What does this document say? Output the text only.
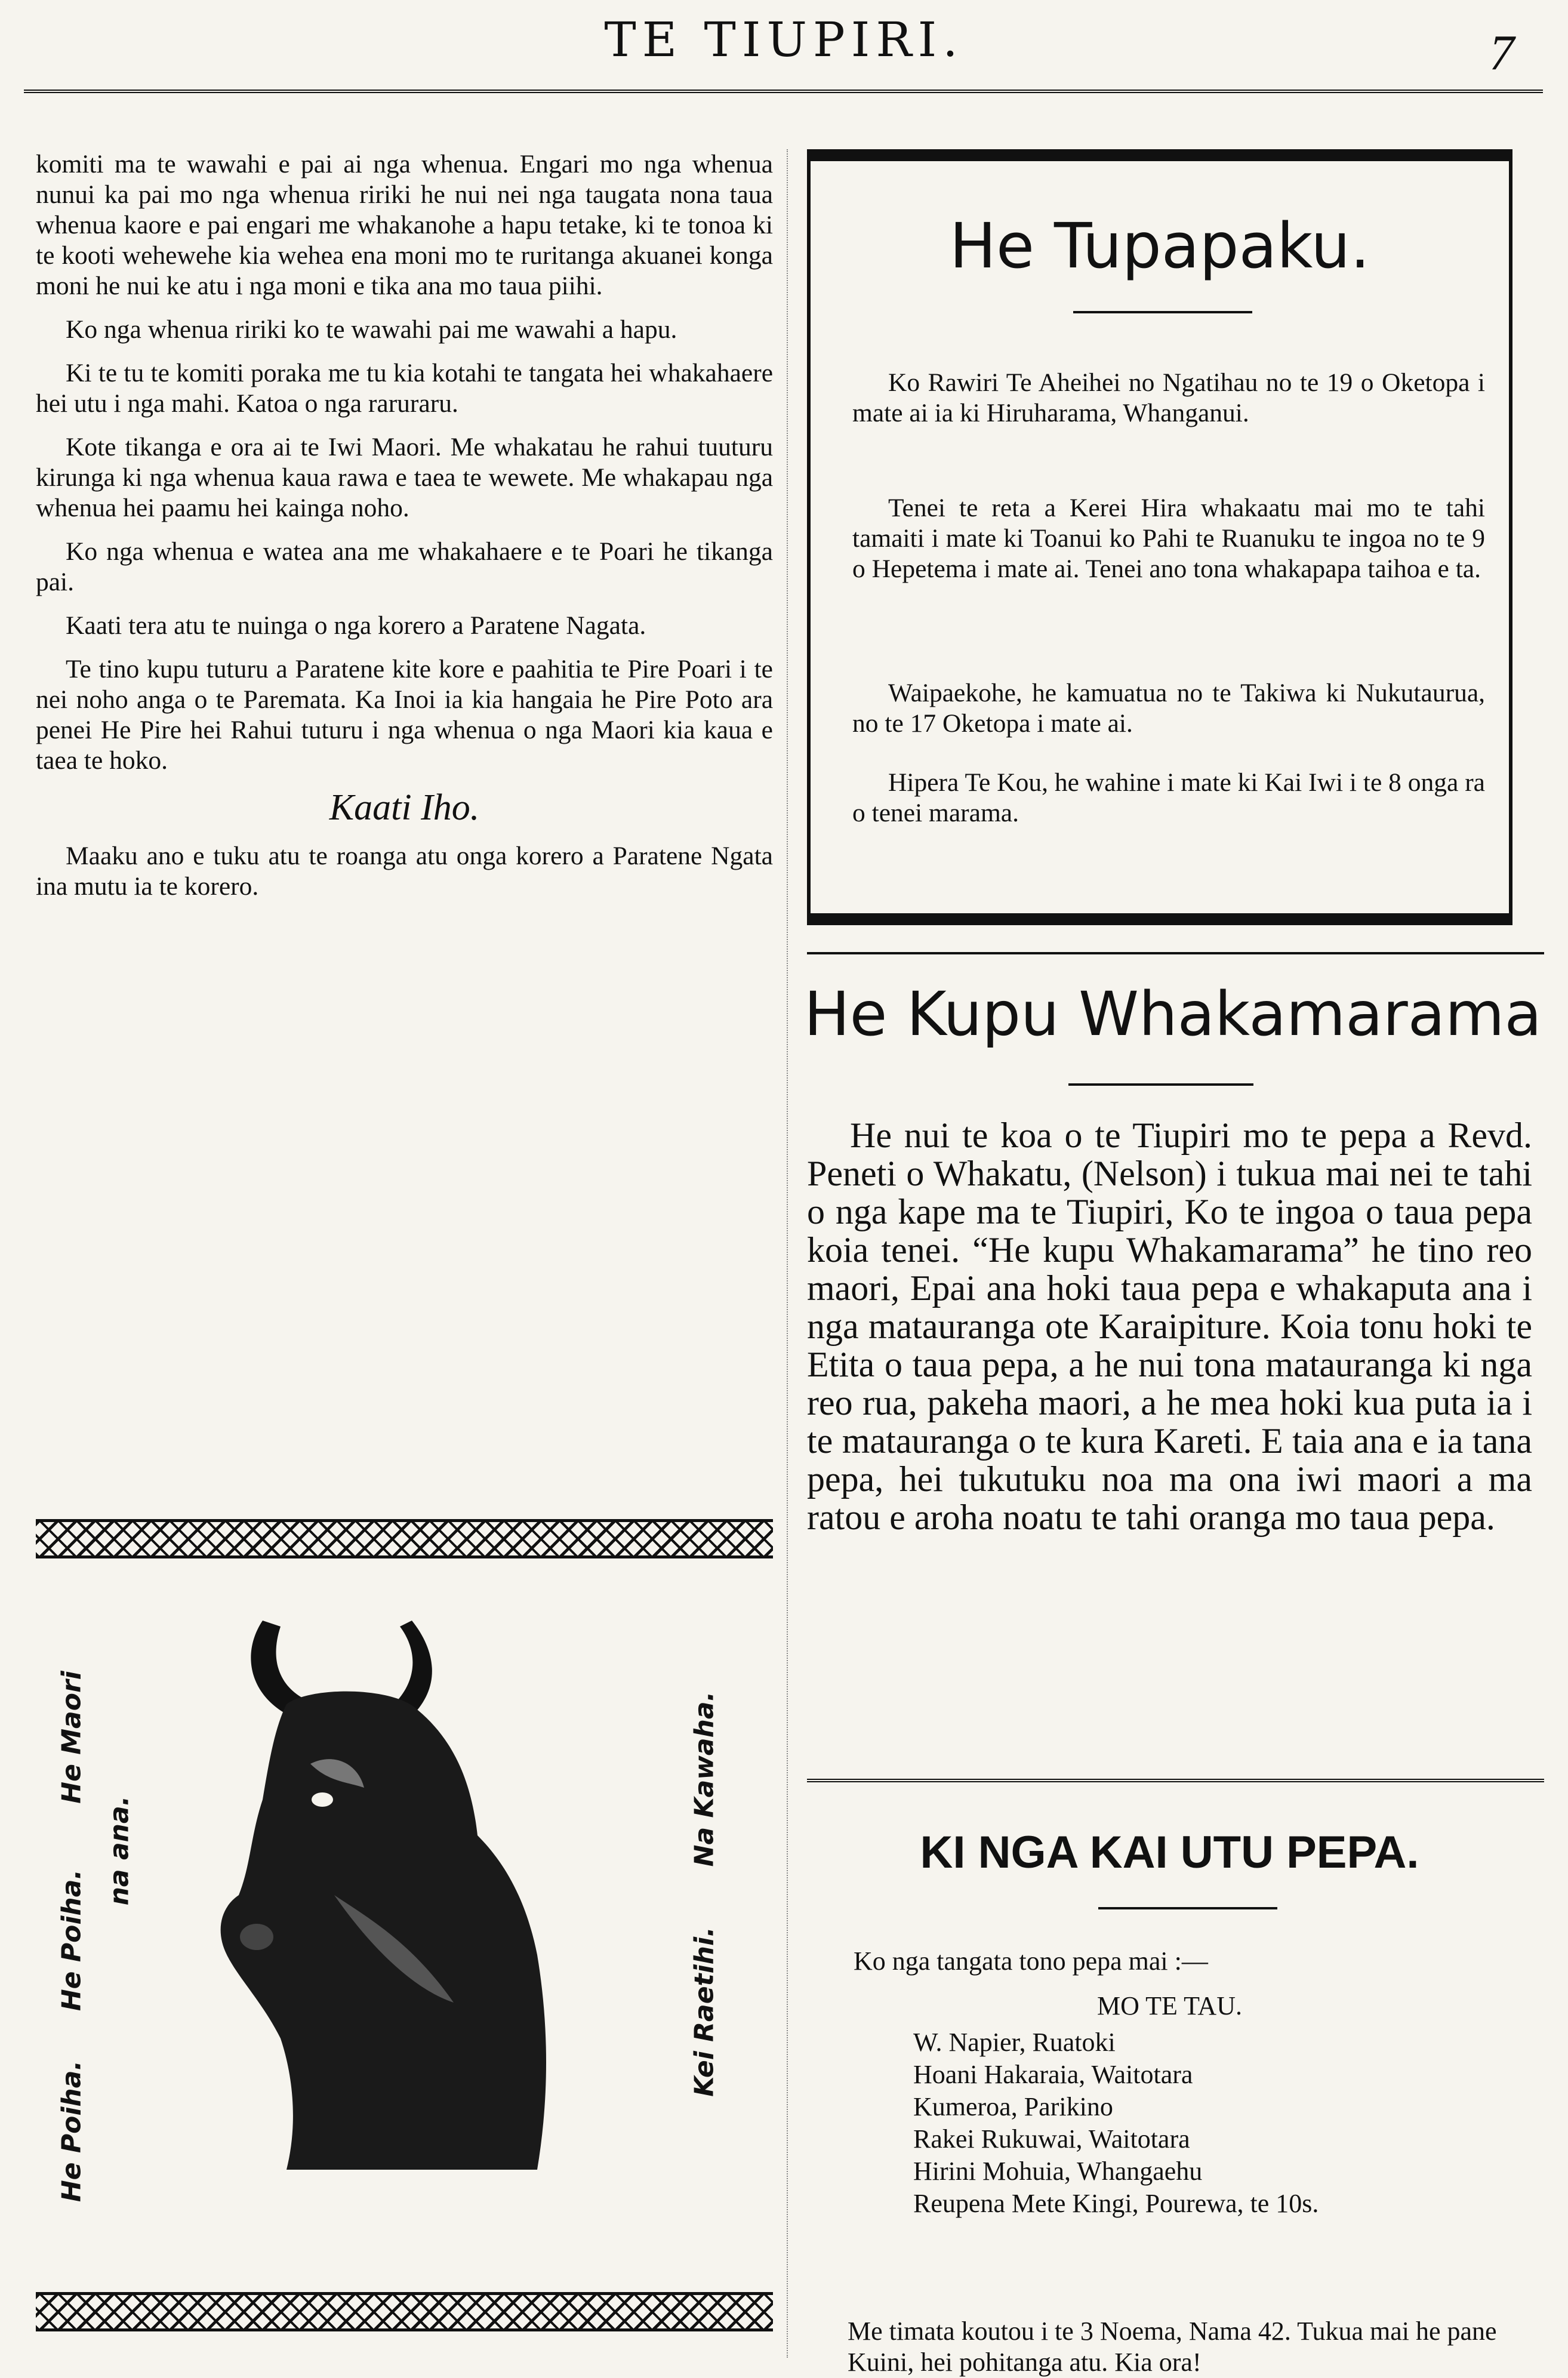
TE TIUPIRI.	7

komiti ma te wawahi e pai ai nga whenua. Engari mo nga whenua nunui ka pai mo nga whenua ririki he nui nei nga taugata nona taua whenua kaore e pai engari me whakanohe a hapu tetake, ki te tonoa ki te kooti wehewehe kia wehea ena moni mo te ruritanga akuanei konga moni he nui ke atu i nga moni e tika ana mo taua piihi.

Ko nga whenua ririki ko te wawahi pai me wawahi a hapu.

Ki te tu te komiti poraka me tu kia kotahi te tangata hei whakahaere hei utu i nga mahi. Katoa o nga raruraru.

Kote tikanga e ora ai te Iwi Maori. Me whakatau he rahui tuuturu kirunga ki nga whenua kaua rawa e taea te wewete. Me whakapau nga whenua hei paamu hei kainga noho.

Ko nga whenua e watea ana me whakahaere e te Poari he tikanga pai.

Kaati tera atu te nuinga o nga korero a Paratene Nagata.

Te tino kupu tuturu a Paratene kite kore e paahitia te Pire Poari i te nei noho anga o te Paremata. Ka Inoi ia kia hangaia he Pire Poto ara penei He Pire hei Rahui tuturu i nga whenua o nga Maori kia kaua e taea te hoko.

Kaati Iho.

Maaku ano e tuku atu te roanga atu onga korero a Paratene Ngata ina mutu ia te korero.

He Poiha.
He Poiha.
He Maori
na ana.
Kei Raetihi.
Na Kawaha.
He Tupapaku.

Ko Rawiri Te Aheihei no Ngatihau no te 19 o Oketopa i mate ai ia ki Hiruharama, Whanganui.

Tenei te reta a Kerei Hira whakaatu mai mo te tahi tamaiti i mate ki Toanui ko Pahi te Ruanuku te ingoa no te 9 o Hepetema i mate ai. Tenei ano tona whakapapa taihoa e ta.

Waipaekohe, he kamuatua no te Takiwa ki Nukutaurua, no te 17 Oketopa i mate ai.

Hipera Te Kou, he wahine i mate ki Kai Iwi i te 8 onga ra o tenei marama.

He Kupu Whakamarama

He nui te koa o te Tiupiri mo te pepa a Revd. Peneti o Whakatu, (Nelson) i tukua mai nei te tahi o nga kape ma te Tiupiri, Ko te ingoa o taua pepa koia tenei. “He kupu Whakamarama” he tino reo maori, Epai ana hoki taua pepa e whakaputa ana i nga matauranga ote Karaipiture. Koia tonu hoki te Etita o taua pepa, a he nui tona matauranga ki nga reo rua, pakeha maori, a he mea hoki kua puta ia i te matauranga o te kura Kareti. E taia ana e ia tana pepa, hei tukutuku noa ma ona iwi maori a ma ratou e aroha noatu te tahi oranga mo taua pepa.

KI NGA KAI UTU PEPA.
Ko nga tangata tono pepa mai :—
MO TE TAU.
W. Napier, Ruatoki
Hoani Hakaraia, Waitotara
Kumeroa, Parikino
Rakei Rukuwai, Waitotara
Hirini Mohuia, Whangaehu
Reupena Mete Kingi, Pourewa, te 10s.
Me timata koutou i te 3 Noema, Nama 42. Tukua mai he pane Kuini, hei pohitanga atu. Kia ora!
